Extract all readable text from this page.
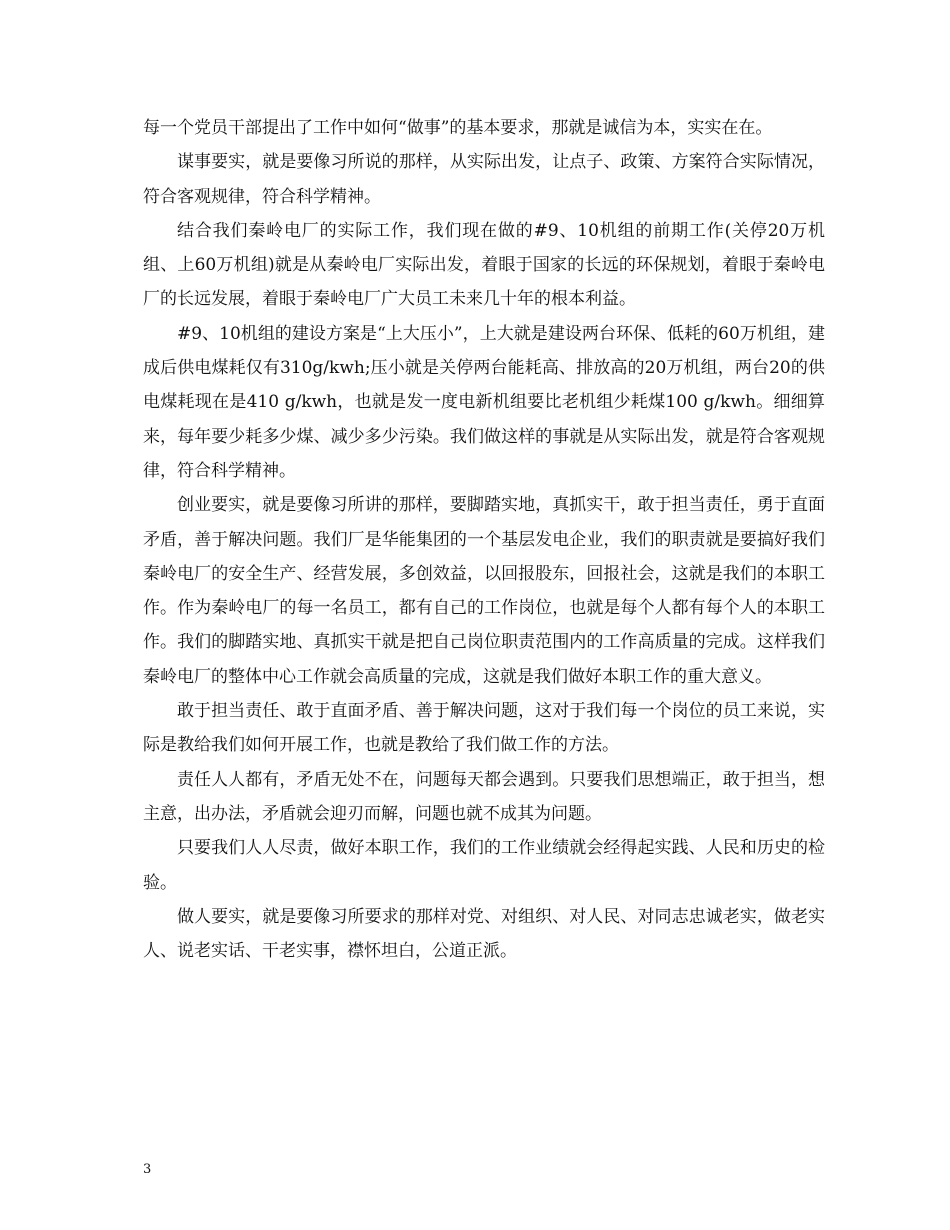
每一个党员干部提出了工作中如何“做事”的基本要求，那就是诚信为本，实实在在。

谋事要实，就是要像习所说的那样，从实际出发，让点子、政策、方案符合实际情况，符合客观规律，符合科学精神。

结合我们秦岭电厂的实际工作，我们现在做的#9、10机组的前期工作(关停20万机组、上60万机组)就是从秦岭电厂实际出发，着眼于国家的长远的环保规划，着眼于秦岭电厂的长远发展，着眼于秦岭电厂广大员工未来几十年的根本利益。

#9、10机组的建设方案是“上大压小”，上大就是建设两台环保、低耗的60万机组，建成后供电煤耗仅有310g/kwh;压小就是关停两台能耗高、排放高的20万机组，两台20的供电煤耗现在是410 g/kwh，也就是发一度电新机组要比老机组少耗煤100 g/kwh。细细算来，每年要少耗多少煤、减少多少污染。我们做这样的事就是从实际出发，就是符合客观规律，符合科学精神。

创业要实，就是要像习所讲的那样，要脚踏实地，真抓实干，敢于担当责任，勇于直面矛盾，善于解决问题。我们厂是华能集团的一个基层发电企业，我们的职责就是要搞好我们秦岭电厂的安全生产、经营发展，多创效益，以回报股东，回报社会，这就是我们的本职工作。作为秦岭电厂的每一名员工，都有自己的工作岗位，也就是每个人都有每个人的本职工作。我们的脚踏实地、真抓实干就是把自己岗位职责范围内的工作高质量的完成。这样我们秦岭电厂的整体中心工作就会高质量的完成，这就是我们做好本职工作的重大意义。

敢于担当责任、敢于直面矛盾、善于解决问题，这对于我们每一个岗位的员工来说，实际是教给我们如何开展工作，也就是教给了我们做工作的方法。

责任人人都有，矛盾无处不在，问题每天都会遇到。只要我们思想端正，敢于担当，想主意，出办法，矛盾就会迎刃而解，问题也就不成其为问题。

只要我们人人尽责，做好本职工作，我们的工作业绩就会经得起实践、人民和历史的检验。

做人要实，就是要像习所要求的那样对党、对组织、对人民、对同志忠诚老实，做老实人、说老实话、干老实事，襟怀坦白，公道正派。

3
